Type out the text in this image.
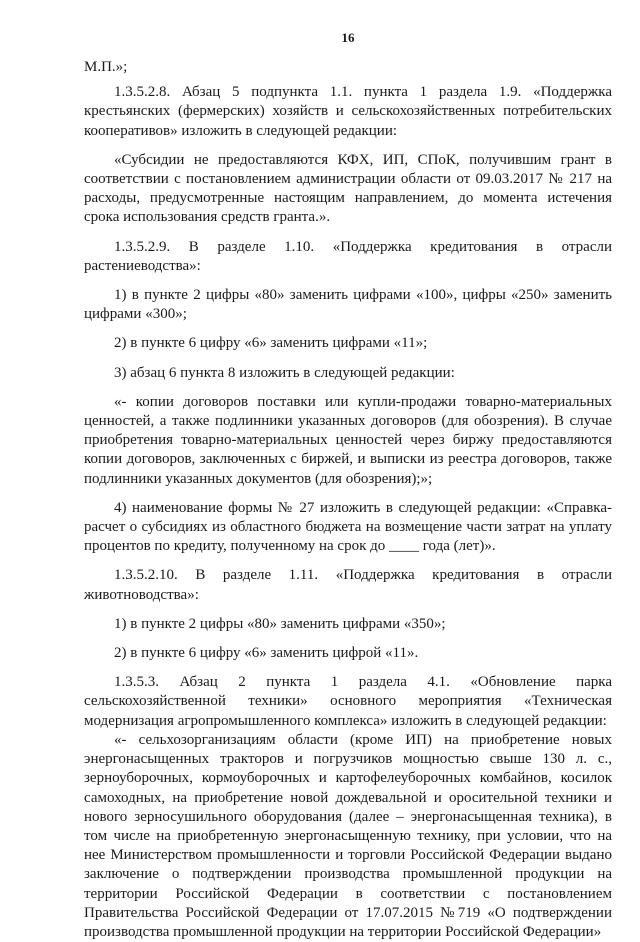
16

М.П.»;

1.3.5.2.8. Абзац 5 подпункта 1.1. пункта 1 раздела 1.9. «Поддержка крестьянских (фермерских) хозяйств и сельскохозяйственных потребительских кооперативов» изложить в следующей редакции:

«Субсидии не предоставляются КФХ, ИП, СПоК, получившим грант в соответствии с постановлением администрации области от 09.03.2017 № 217 на расходы, предусмотренные настоящим направлением, до момента истечения срока использования средств гранта.».

1.3.5.2.9. В разделе 1.10. «Поддержка кредитования в отрасли растениеводства»:

1) в пункте 2 цифры «80» заменить цифрами «100», цифры «250» заменить цифрами «300»;

2) в пункте 6 цифру «6» заменить цифрами «11»;

3) абзац 6 пункта 8 изложить в следующей редакции:

«- копии договоров поставки или купли-продажи товарно-материальных ценностей, а также подлинники указанных договоров (для обозрения). В случае приобретения товарно-материальных ценностей через биржу предоставляются копии договоров, заключенных с биржей, и выписки из реестра договоров, также подлинники указанных документов (для обозрения);»;

4) наименование формы № 27 изложить в следующей редакции: «Справка-расчет о субсидиях из областного бюджета на возмещение части затрат на уплату процентов по кредиту, полученному на срок до ____ года (лет)».

1.3.5.2.10. В разделе 1.11. «Поддержка кредитования в отрасли животноводства»:

1) в пункте 2 цифры «80» заменить цифрами «350»;

2) в пункте 6 цифру «6» заменить цифрой «11».

1.3.5.3. Абзац 2 пункта 1 раздела 4.1. «Обновление парка сельскохозяйственной техники» основного мероприятия «Техническая модернизация агропромышленного комплекса» изложить в следующей редакции:

«- сельхозорганизациям области (кроме ИП) на приобретение новых энергонасыщенных тракторов и погрузчиков мощностью свыше 130 л. с., зерноуборочных, кормоуборочных и картофелеуборочных комбайнов, косилок самоходных, на приобретение новой дождевальной и оросительной техники и нового зерносушильного оборудования (далее – энергонасыщенная техника), в том числе на приобретенную энергонасыщенную технику, при условии, что на нее Министерством промышленности и торговли Российской Федерации выдано заключение о подтверждении производства промышленной продукции на территории Российской Федерации в соответствии с постановлением Правительства Российской Федерации от 17.07.2015 №719 «О подтверждении производства промышленной продукции на территории Российской Федерации»
